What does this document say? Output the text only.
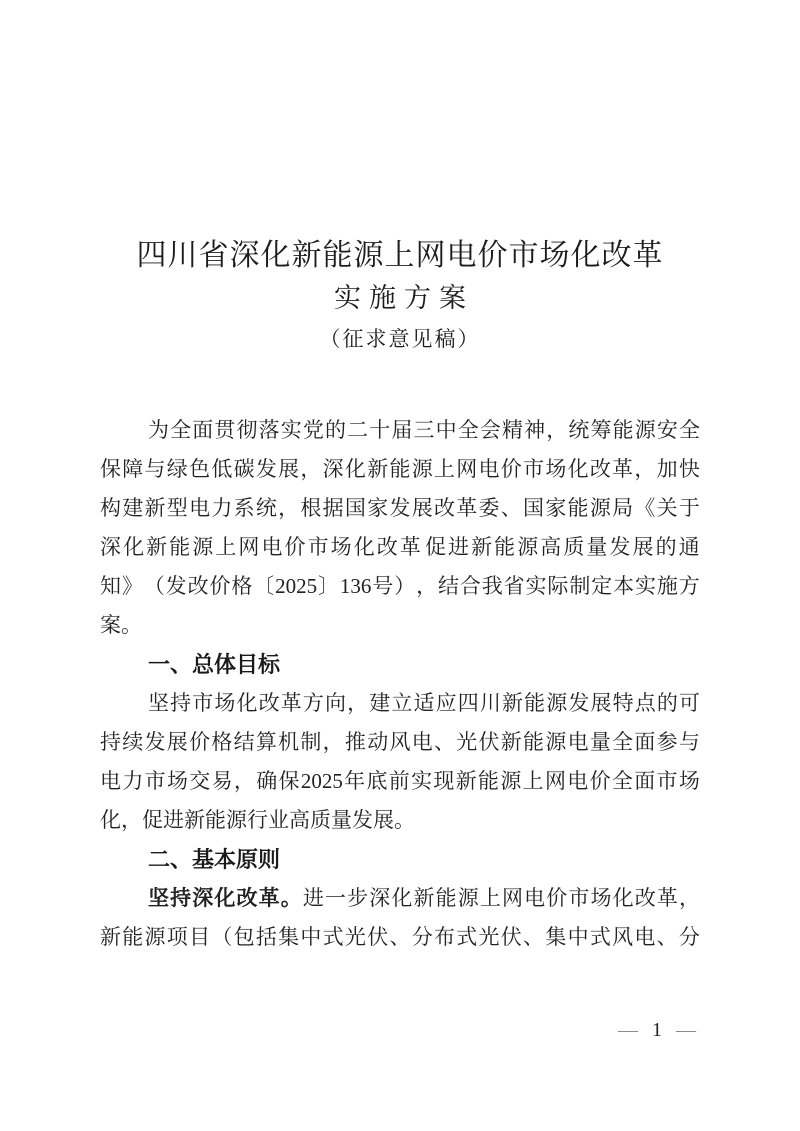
四川省深化新能源上网电价市场化改革
实施方案
（征求意见稿）
为 全 面 贯 彻 落 实 党 的 二 十 届 三 中 全 会 精 神 ， 统 筹 能 源 安 全
保 障 与 绿 色 低 碳 发 展 ， 深 化 新 能 源 上 网 电 价 市 场 化 改 革 ， 加 快
构 建 新 型 电 力 系 统 ， 根 据 国 家 发 展 改 革 委 、 国 家 能 源 局 《 关 于
深 化 新 能 源 上 网 电 价 市 场 化 改 革 促 进 新 能 源 高 质 量 发 展 的 通
知 》 （ 发 改 价 格 〔 2025 〕 136 号 ） ， 结 合 我 省 实 际 制 定 本 实 施 方
案。
一、总体目标
坚 持 市 场 化 改 革 方 向 ， 建 立 适 应 四 川 新 能 源 发 展 特 点 的 可
持 续 发 展 价 格 结 算 机 制 ， 推 动 风 电 、 光 伏 新 能 源 电 量 全 面 参 与
电 力 市 场 交 易 ， 确 保 2025 年 底 前 实 现 新 能 源 上 网 电 价 全 面 市 场
化，促进新能源行业高质量发展。
二、基本原则
坚 持 深 化 改 革 。 进 一 步 深 化 新 能 源 上 网 电 价 市 场 化 改 革 ，
新 能 源 项 目 （ 包 括 集 中 式 光 伏 、 分 布 式 光 伏 、 集 中 式 风 电 、 分
— 1 —
